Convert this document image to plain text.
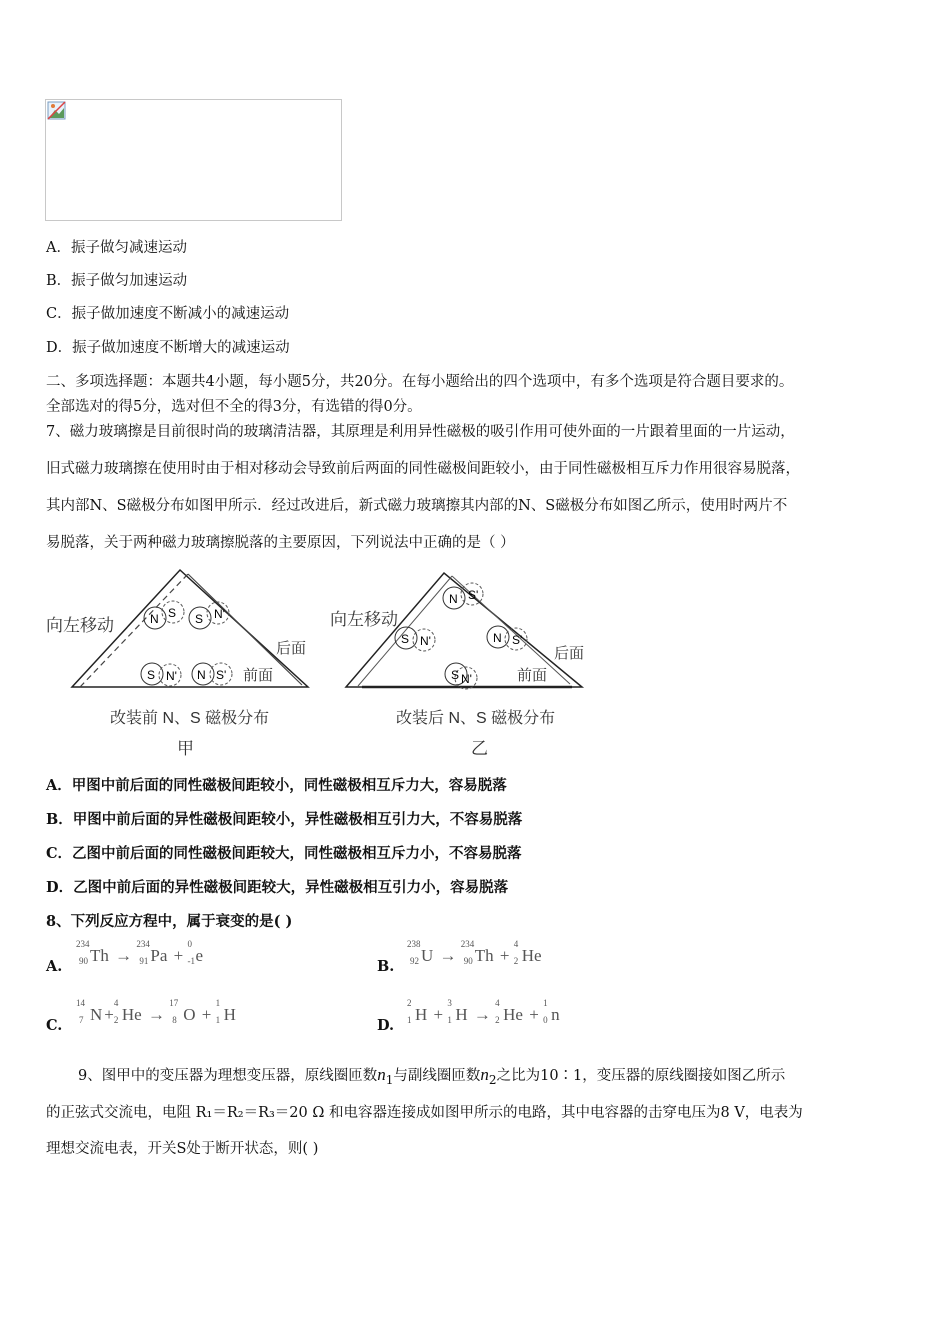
A．振子做匀减速运动
B．振子做匀加速运动
C．振子做加速度不断减小的减速运动
D．振子做加速度不断增大的减速运动
二、多项选择题：本题共4小题，每小题5分，共20分。在每小题给出的四个选项中，有多个选项是符合题目要求的。
全部选对的得5分，选对但不全的得3分，有选错的得0分。
7、磁力玻璃擦是目前很时尚的玻璃清洁器，其原理是利用异性磁极的吸引作用可使外面的一片跟着里面的一片运动，
旧式磁力玻璃擦在使用时由于相对移动会导致前后两面的同性磁极间距较小，由于同性磁极相互斥力作用很容易脱落，
其内部N、S磁极分布如图甲所示．经过改进后，新式磁力玻璃擦其内部的N、S磁极分布如图乙所示，使用时两片不
易脱落，关于两种磁力玻璃擦脱落的主要原因，下列说法中正确的是（ ）
向左移动
后面
前面
N S S N'
S N' N S'
改装前 N、S 磁极分布
甲
向左移动
后面
前面
N S'
S N'	N S'
S N'
改装后 N、S 磁极分布
乙
A．甲图中前后面的同性磁极间距较小，同性磁极相互斥力大，容易脱落
B．甲图中前后面的异性磁极间距较小，异性磁极相互引力大，不容易脱落
C．乙图中前后面的同性磁极间距较大，同性磁极相互斥力小，不容易脱落
D．乙图中前后面的异性磁极间距较大，异性磁极相互引力小，容易脱落
8、下列反应方程中，属于衰变的是( )
A.
234
90 Th →
234
91 Pa +
0
-1 e
B.
238
92 U →
234
90 Th +
4
2 He
C.
14
7 N +
4
2 He →
17
8 O +
1
1 H
D.
2
1 H +
3
1 H →
4
2 He +
1
0 n
9、图甲中的变压器为理想变压器，原线圈匝数$n_1$与副线圈匝数$n_2$之比为10∶1，变压器的原线圈接如图乙所示
的正弦式交流电，电阻 R₁＝R₂＝R₃＝20 Ω 和电容器连接成如图甲所示的电路，其中电容器的击穿电压为8 V，电表为
理想交流电表，开关S处于断开状态，则( )
